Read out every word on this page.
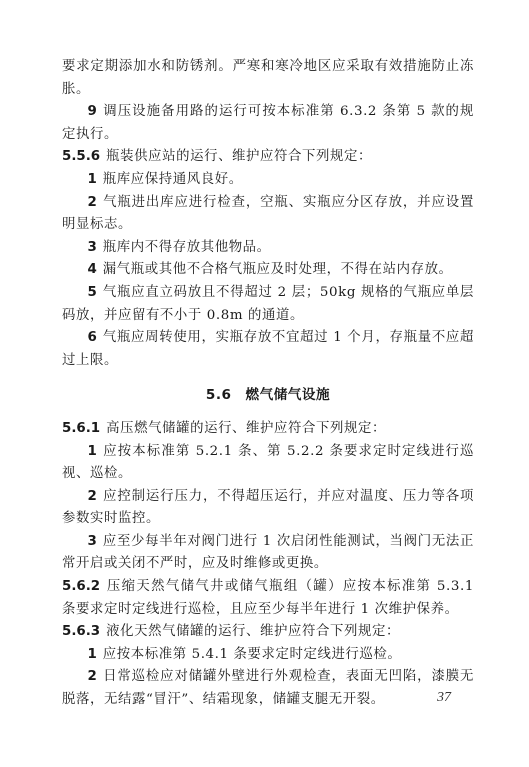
要求定期添加水和防锈剂。严寒和寒冷地区应采取有效措施防止冻胀。

9 调压设施备用路的运行可按本标准第 6.3.2 条第 5 款的规定执行。

5.5.6 瓶装供应站的运行、维护应符合下列规定：

1 瓶库应保持通风良好。

2 气瓶进出库应进行检查，空瓶、实瓶应分区存放，并应设置明显标志。

3 瓶库内不得存放其他物品。

4 漏气瓶或其他不合格气瓶应及时处理，不得在站内存放。

5 气瓶应直立码放且不得超过 2 层；50kg 规格的气瓶应单层码放，并应留有不小于 0.8m 的通道。

6 气瓶应周转使用，实瓶存放不宜超过 1 个月，存瓶量不应超过上限。

5.6 燃气储气设施

5.6.1 高压燃气储罐的运行、维护应符合下列规定：

1 应按本标准第 5.2.1 条、第 5.2.2 条要求定时定线进行巡视、巡检。

2 应控制运行压力，不得超压运行，并应对温度、压力等各项参数实时监控。

3 应至少每半年对阀门进行 1 次启闭性能测试，当阀门无法正常开启或关闭不严时，应及时维修或更换。

5.6.2 压缩天然气储气井或储气瓶组（罐）应按本标准第 5.3.1 条要求定时定线进行巡检，且应至少每半年进行 1 次维护保养。

5.6.3 液化天然气储罐的运行、维护应符合下列规定：

1 应按本标准第 5.4.1 条要求定时定线进行巡检。

2 日常巡检应对储罐外壁进行外观检查，表面无凹陷，漆膜无脱落，无结露“冒汗”、结霜现象，储罐支腿无开裂。	37
